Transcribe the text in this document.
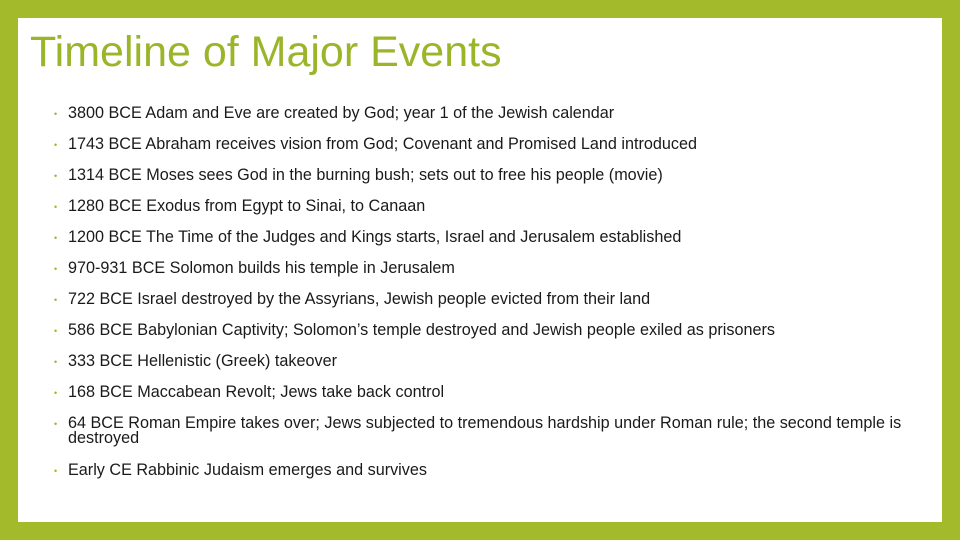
Timeline of Major Events
• 3800 BCE Adam and Eve are created by God; year 1 of the Jewish calendar
• 1743 BCE Abraham receives vision from God; Covenant and Promised Land introduced
• 1314 BCE Moses sees God in the burning bush; sets out to free his people (movie)
• 1280 BCE Exodus from Egypt to Sinai, to Canaan
• 1200 BCE The Time of the Judges and Kings starts, Israel and Jerusalem established
• 970-931 BCE Solomon builds his temple in Jerusalem
• 722 BCE Israel destroyed by the Assyrians, Jewish people evicted from their land
• 586 BCE Babylonian Captivity; Solomon’s temple destroyed and Jewish people exiled as prisoners
• 333 BCE Hellenistic (Greek) takeover
• 168 BCE Maccabean Revolt; Jews take back control
• 64 BCE Roman Empire takes over; Jews subjected to tremendous hardship under Roman rule; the second temple is destroyed
• Early CE Rabbinic Judaism emerges and survives
